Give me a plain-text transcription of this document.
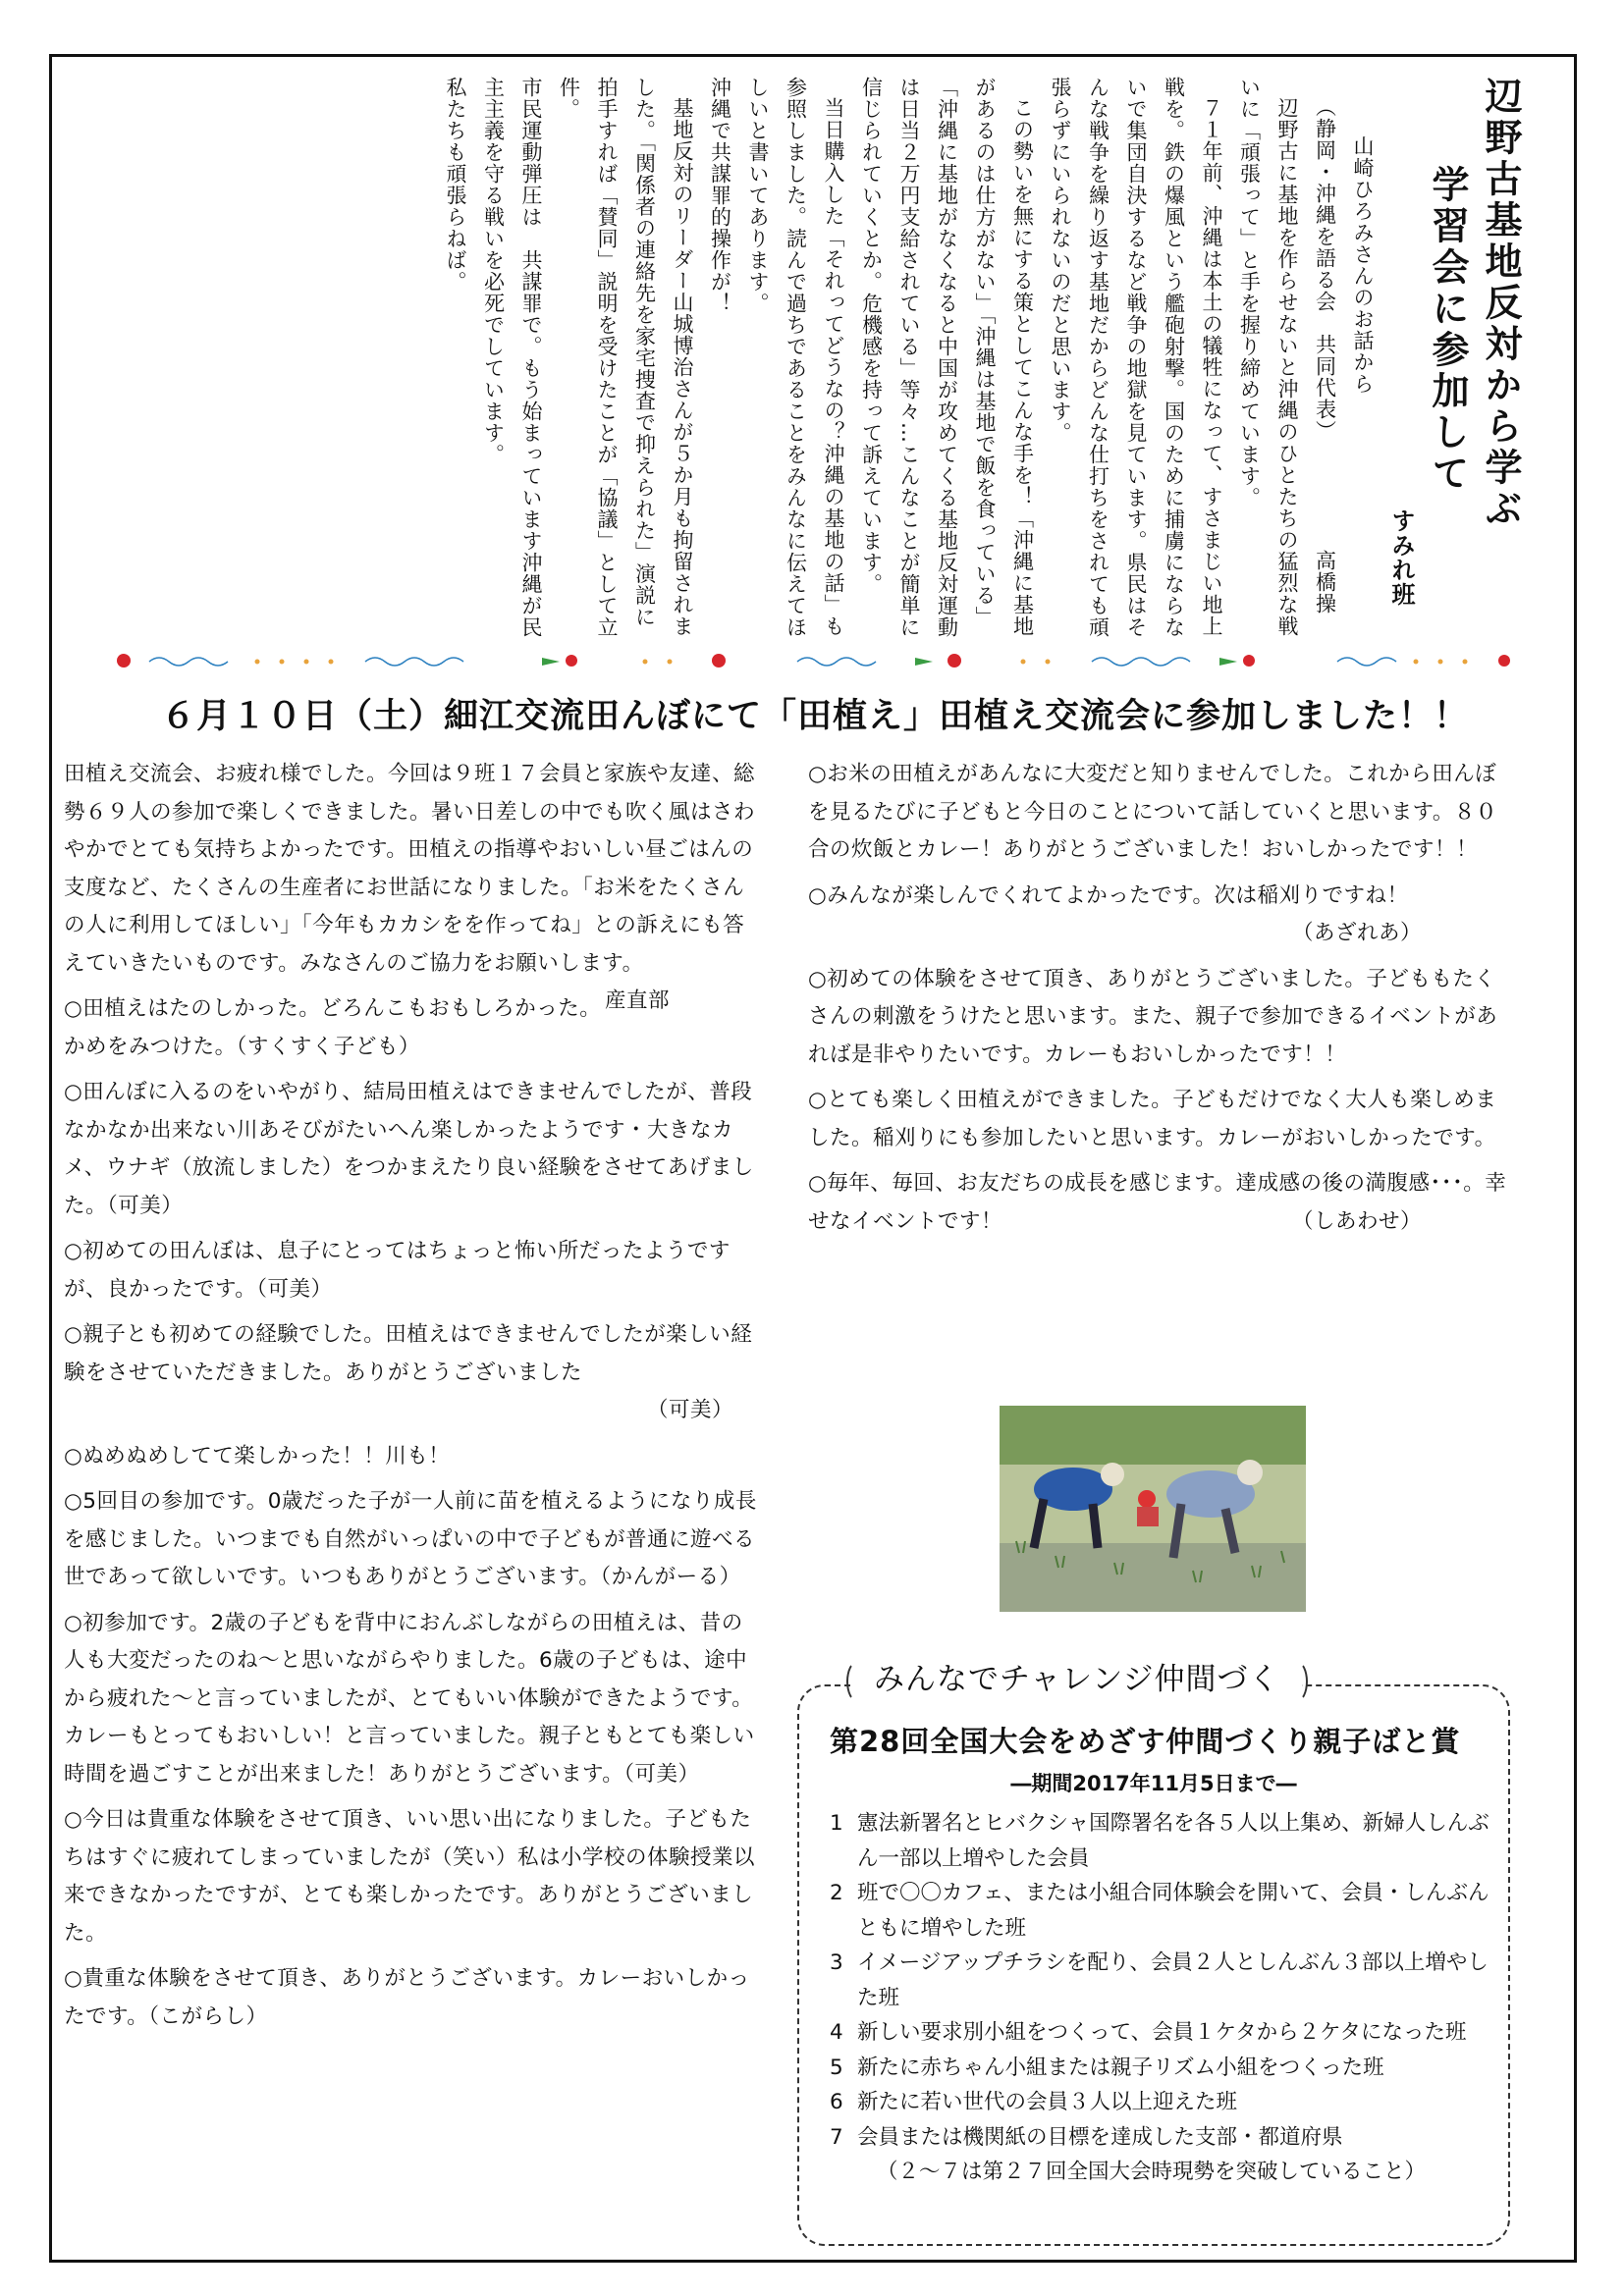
辺野古基地反対から学ぶ

学習会に参加して

すみれ班

山崎ひろみさんのお話から

（静岡・沖縄を語る会　共同代表）高橋操

辺野古に基地を作らせないと沖縄のひとたちの猛烈な戦いに「頑張って」と手を握り締めています。

７１年前、沖縄は本土の犠牲になって、すさまじい地上戦を。鉄の爆風という艦砲射撃。国のために捕虜にならないで集団自決するなど戦争の地獄を見ています。県民はそんな戦争を繰り返す基地だからどんな仕打ちをされても頑張らずにいられないのだと思います。

この勢いを無にする策としてこんな手を！「沖縄に基地があるのは仕方がない」「沖縄は基地で飯を食っている」「沖縄に基地がなくなると中国が攻めてくる基地反対運動は日当２万円支給されている」等々…こんなことが簡単に信じられていくとか。危機感を持って訴えています。

当日購入した「それってどうなの？沖縄の基地の話」も参照しました。読んで過ちであることをみんなに伝えてほしいと書いてあります。

沖縄で共謀罪的操作が！

基地反対のリーダー山城博治さんが５か月も拘留されました。「関係者の連絡先を家宅捜査で抑えられた」演説に拍手すれば「賛同」説明を受けたことが「協議」として立件。

市民運動弾圧は　共謀罪で。もう始まっています沖縄が民主主義を守る戦いを必死でしています。

私たちも頑張らねば。

６月１０日（土）細江交流田んぼにて「田植え」田植え交流会に参加しました！！

田植え交流会、お疲れ様でした。今回は９班１７会員と家族や友達、総勢６９人の参加で楽しくできました。暑い日差しの中でも吹く風はさわやかでとても気持ちよかったです。田植えの指導やおいしい昼ごはんの支度など、たくさんの生産者にお世話になりました。「お米をたくさんの人に利用してほしい」「今年もカカシをを作ってね」との訴えにも答えていきたいものです。みなさんのご協力をお願いします。
産直部

○田植えはたのしかった。どろんこもおもしろかった。かめをみつけた。（すくすく子ども）

○田んぼに入るのをいやがり、結局田植えはできませんでしたが、普段なかなか出来ない川あそびがたいへん楽しかったようです・大きなカメ、ウナギ（放流しました）をつかまえたり良い経験をさせてあげました。（可美）

○初めての田んぼは、息子にとってはちょっと怖い所だったようですが、良かったです。（可美）

○親子とも初めての経験でした。田植えはできませんでしたが楽しい経験をさせていただきました。ありがとうございました
（可美）

○ぬめぬめしてて楽しかった！！川も！

○5回目の参加です。0歳だった子が一人前に苗を植えるようになり成長を感じました。いつまでも自然がいっぱいの中で子どもが普通に遊べる世であって欲しいです。いつもありがとうございます。（かんがーる）

○初参加です。2歳の子どもを背中におんぶしながらの田植えは、昔の人も大変だったのね～と思いながらやりました。6歳の子どもは、途中から疲れた～と言っていましたが、とてもいい体験ができたようです。カレーもとってもおいしい！と言っていました。親子ともとても楽しい時間を過ごすことが出来ました！ありがとうございます。（可美）

○今日は貴重な体験をさせて頂き、いい思い出になりました。子どもたちはすぐに疲れてしまっていましたが（笑い）私は小学校の体験授業以来できなかったですが、とても楽しかったです。ありがとうございました。

○貴重な体験をさせて頂き、ありがとうございます。カレーおいしかったです。（こがらし）

○お米の田植えがあんなに大変だと知りませんでした。これから田んぼを見るたびに子どもと今日のことについて話していくと思います。８０合の炊飯とカレー！ありがとうございました！おいしかったです！！

○みんなが楽しんでくれてよかったです。次は稲刈りですね！
（あざれあ）

○初めての体験をさせて頂き、ありがとうございました。子どももたくさんの刺激をうけたと思います。また、親子で参加できるイベントがあれば是非やりたいです。カレーもおいしかったです！！

○とても楽しく田植えができました。子どもだけでなく大人も楽しめました。稲刈りにも参加したいと思います。カレーがおいしかったです。

○毎年、毎回、お友だちの成長を感じます。達成感の後の満腹感･･･。幸せなイベントです！	（しあわせ）

みんなでチャレンジ仲間づく
第28回全国大会をめざす仲間づくり親子ばと賞
―期間2017年11月5日まで―
1 憲法新署名とヒバクシャ国際署名を各５人以上集め、新婦人しんぶん一部以上増やした会員
2 班で〇〇カフェ、または小組合同体験会を開いて、会員・しんぶんともに増やした班
3 イメージアップチラシを配り、会員２人としんぶん３部以上増やした班
4 新しい要求別小組をつくって、会員１ケタから２ケタになった班
5 新たに赤ちゃん小組または親子リズム小組をつくった班
6 新たに若い世代の会員３人以上迎えた班
7 会員または機関紙の目標を達成した支部・都道府県
（２～７は第２７回全国大会時現勢を突破していること）
